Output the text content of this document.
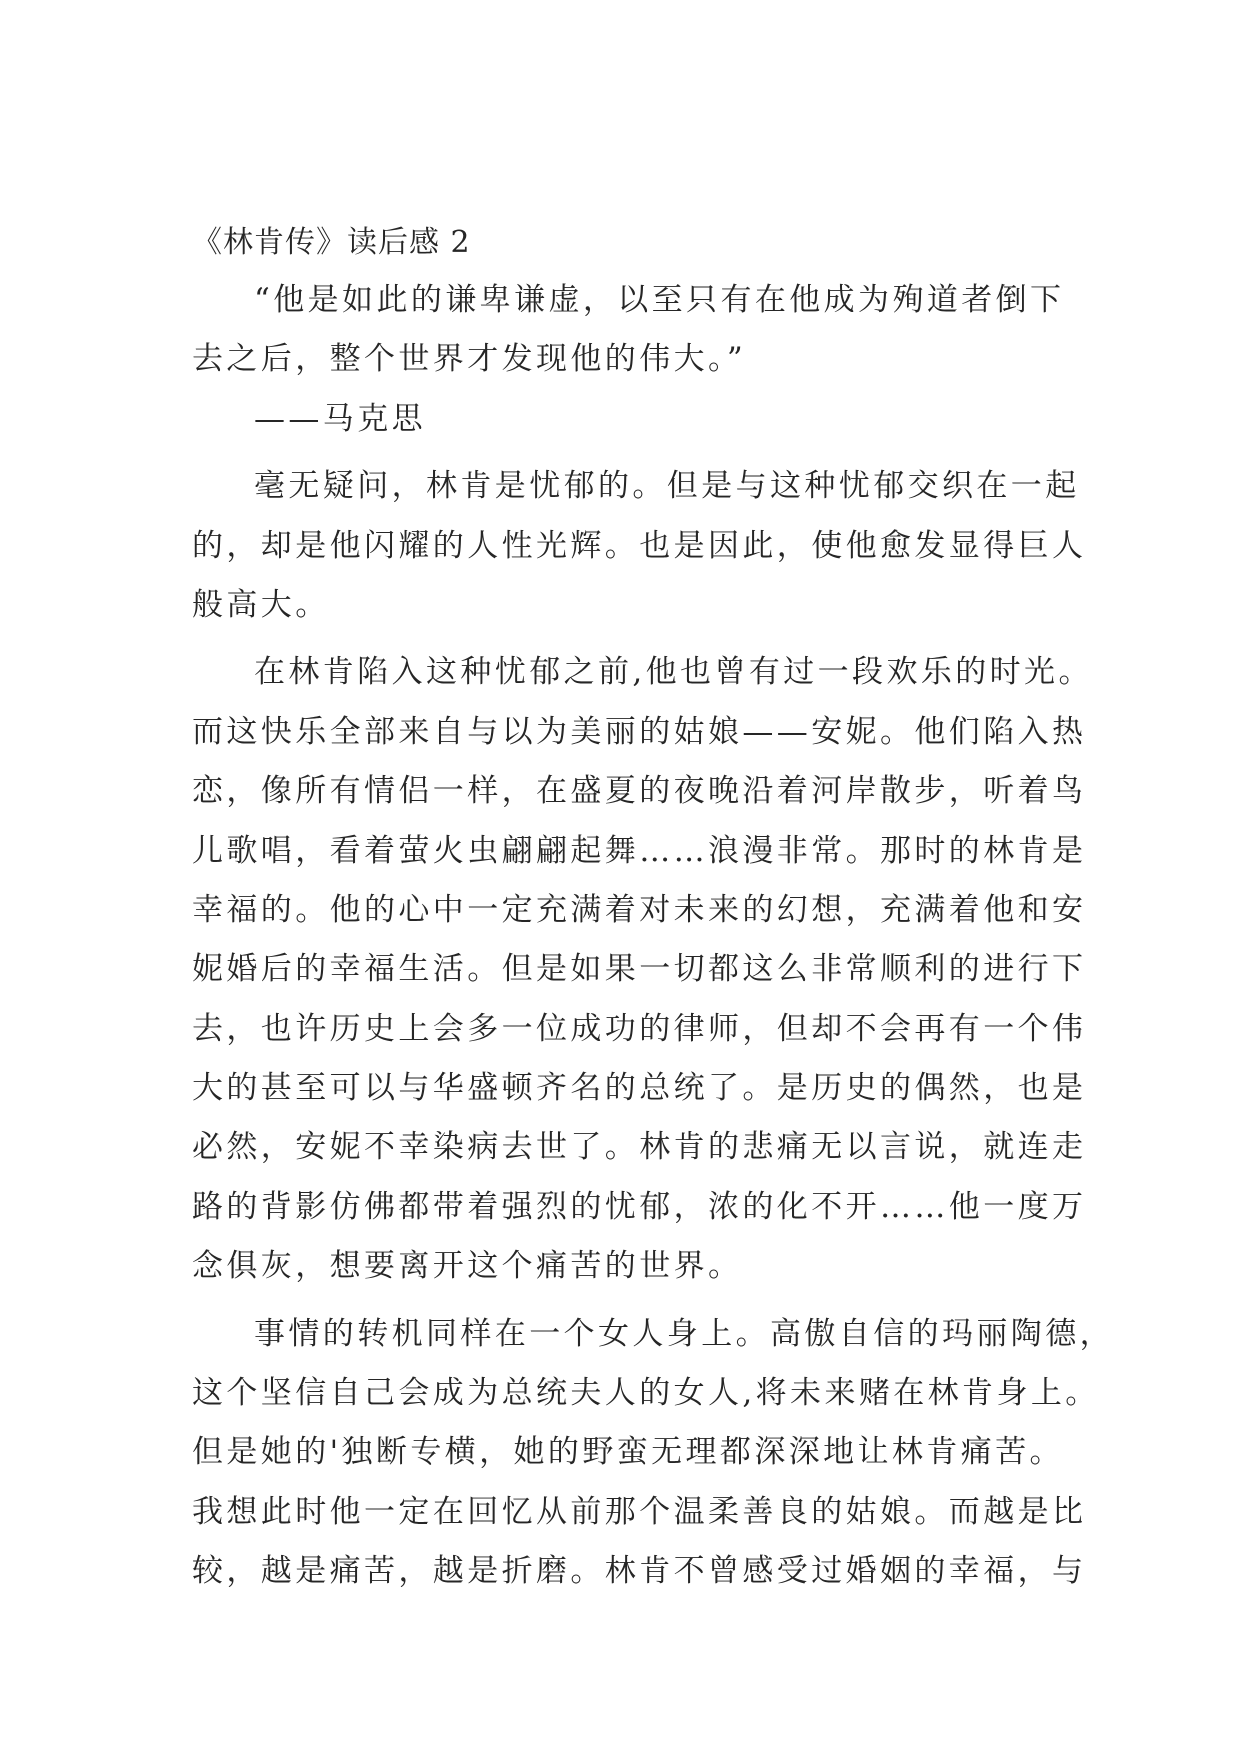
《林肯传》读后感 2

“他是如此的谦卑谦虚，以至只有在他成为殉道者倒下

去之后，整个世界才发现他的伟大。”

——马克思

毫无疑问，林肯是忧郁的。但是与这种忧郁交织在一起

的，却是他闪耀的人性光辉。也是因此，使他愈发显得巨人

般高大。

在林肯陷入这种忧郁之前,他也曾有过一段欢乐的时光。

而这快乐全部来自与以为美丽的姑娘——安妮。他们陷入热

恋，像所有情侣一样，在盛夏的夜晚沿着河岸散步，听着鸟

儿歌唱，看着萤火虫翩翩起舞……浪漫非常。那时的林肯是

幸福的。他的心中一定充满着对未来的幻想，充满着他和安

妮婚后的幸福生活。但是如果一切都这么非常顺利的进行下

去，也许历史上会多一位成功的律师，但却不会再有一个伟

大的甚至可以与华盛顿齐名的总统了。是历史的偶然，也是

必然，安妮不幸染病去世了。林肯的悲痛无以言说，就连走

路的背影仿佛都带着强烈的忧郁，浓的化不开……他一度万

念俱灰，想要离开这个痛苦的世界。

事情的转机同样在一个女人身上。高傲自信的玛丽陶德，

这个坚信自己会成为总统夫人的女人,将未来赌在林肯身上。

但是她的'独断专横，她的野蛮无理都深深地让林肯痛苦。

我想此时他一定在回忆从前那个温柔善良的姑娘。而越是比

较，越是痛苦，越是折磨。林肯不曾感受过婚姻的幸福，与
